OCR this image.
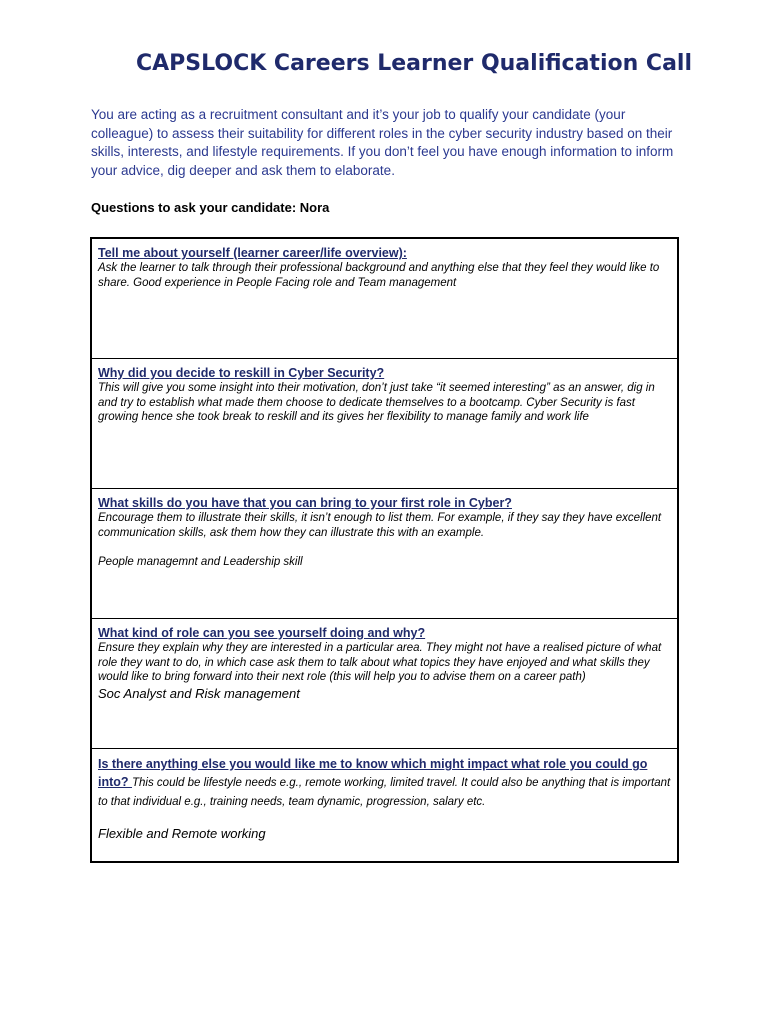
CAPSLOCK Careers Learner Qualification Call
You are acting as a recruitment consultant and it’s your job to qualify your candidate (your colleague) to assess their suitability for different roles in the cyber security industry based on their skills, interests, and lifestyle requirements. If you don’t feel you have enough information to inform your advice, dig deeper and ask them to elaborate.
Questions to ask your candidate: Nora
Tell me about yourself (learner career/life overview):
Ask the learner to talk through their professional background and anything else that they feel they would like to share. Good experience in People Facing role and Team management
Why did you decide to reskill in Cyber Security?
This will give you some insight into their motivation, don’t just take “it seemed interesting” as an answer, dig in and try to establish what made them choose to dedicate themselves to a bootcamp. Cyber Security is fast growing hence she took break to reskill and its gives her flexibility to manage family and work life
What skills do you have that you can bring to your first role in Cyber?
Encourage them to illustrate their skills, it isn’t enough to list them. For example, if they say they have excellent communication skills, ask them how they can illustrate this with an example.
People managemnt and Leadership skill
What kind of role can you see yourself doing and why?
Ensure they explain why they are interested in a particular area. They might not have a realised picture of what role they want to do, in which case ask them to talk about what topics they have enjoyed and what skills they would like to bring forward into their next role (this will help you to advise them on a career path)
Soc Analyst and Risk management
Is there anything else you would like me to know which might impact what role you could go into? This could be lifestyle needs e.g., remote working, limited travel. It could also be anything that is important to that individual e.g., training needs, team dynamic, progression, salary etc.
Flexible and Remote working
